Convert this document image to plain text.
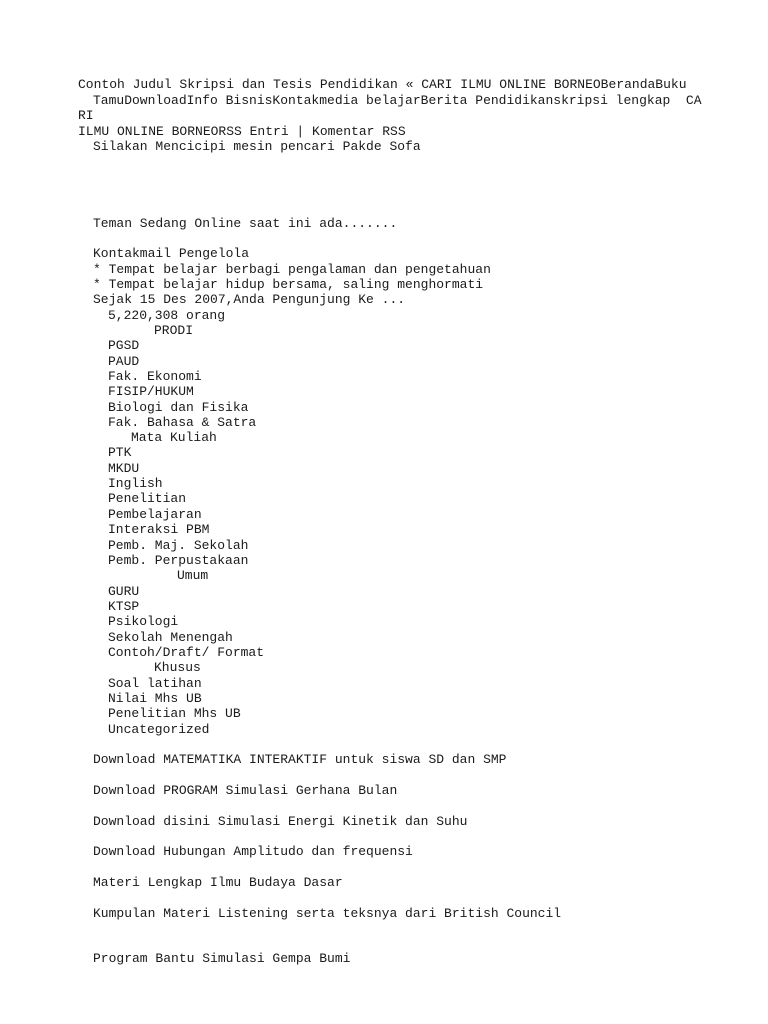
Contoh Judul Skripsi dan Tesis Pendidikan « CARI ILMU ONLINE BORNEOBerandaBuku

TamuDownloadInfo BisnisKontakmedia belajarBerita Pendidikanskripsi lengkap  CA

RI

ILMU ONLINE BORNEORSS Entri | Komentar RSS

Silakan Mencicipi mesin pencari Pakde Sofa

Teman Sedang Online saat ini ada.......

Kontakmail Pengelola

* Tempat belajar berbagi pengalaman dan pengetahuan

* Tempat belajar hidup bersama, saling menghormati

Sejak 15 Des 2007,Anda Pengunjung Ke ...

5,220,308 orang

PRODI

PGSD

PAUD

Fak. Ekonomi

FISIP/HUKUM

Biologi dan Fisika

Fak. Bahasa & Satra

Mata Kuliah

PTK

MKDU

Inglish

Penelitian

Pembelajaran

Interaksi PBM

Pemb. Maj. Sekolah

Pemb. Perpustakaan

Umum

GURU

KTSP

Psikologi

Sekolah Menengah

Contoh/Draft/ Format

Khusus

Soal latihan

Nilai Mhs UB

Penelitian Mhs UB

Uncategorized

Download MATEMATIKA INTERAKTIF untuk siswa SD dan SMP

Download PROGRAM Simulasi Gerhana Bulan

Download disini Simulasi Energi Kinetik dan Suhu

Download Hubungan Amplitudo dan frequensi

Materi Lengkap Ilmu Budaya Dasar

Kumpulan Materi Listening serta teksnya dari British Council

Program Bantu Simulasi Gempa Bumi
